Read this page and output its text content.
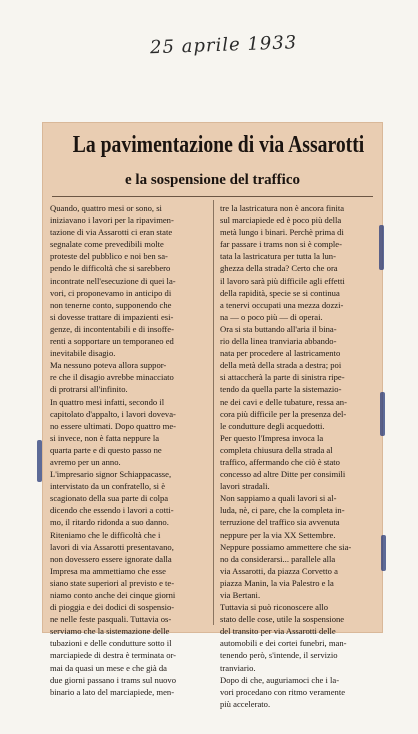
25 aprile 1933
La pavimentazione di via Assarotti
e la sospensione del traffico
Quando, quattro mesi or sono, si
iniziavano i lavori per la ripavimen-
tazione di via Assarotti ci eran state
segnalate come prevedibili molte
proteste del pubblico e noi ben sa-
pendo le difficoltà che si sarebbero
incontrate nell'esecuzione di quei la-
vori, ci proponevamo in anticipo di
non tenerne conto, supponendo che
si dovesse trattare di impazienti esi-
genze, di incontentabili e di insoffe-
renti a sopportare un temporaneo ed
inevitabile disagio.
Ma nessuno poteva allora suppor-
re che il disagio avrebbe minacciato
di protrarsi all'infinito.
In quattro mesi infatti, secondo il
capitolato d'appalto, i lavori doveva-
no essere ultimati. Dopo quattro me-
si invece, non è fatta neppure la
quarta parte e di questo passo ne
avremo per un anno.
L'impresario signor Schiappacasse,
intervistato da un confratello, si è
scagionato della sua parte di colpa
dicendo che essendo i lavori a cotti-
mo, il ritardo ridonda a suo danno.
Riteniamo che le difficoltà che i
lavori di via Assarotti presentavano,
non dovessero essere ignorate dalla
Impresa ma ammettiamo che esse
siano state superiori al previsto e te-
niamo conto anche dei cinque giorni
di pioggia e dei dodici di sospensio-
ne nelle feste pasquali. Tuttavia os-
serviamo che la sistemazione delle
tubazioni e delle condutture sotto il
marciapiede di destra è terminata or-
mai da quasi un mese e che già da
due giorni passano i trams sul nuovo
binario a lato del marciapiede, men-
tre la lastricatura non è ancora finita
sul marciapiede ed è poco più della
metà lungo i binari. Perchè prima di
far passare i trams non si è comple-
tata la lastricatura per tutta la lun-
ghezza della strada? Certo che ora
il lavoro sarà più difficile agli effetti
della rapidità, specie se si continua
a tenervi occupati una mezza dozzi-
na — o poco più — di operai.
Ora si sta buttando all'aria il bina-
rio della linea tranviaria abbando-
nata per procedere al lastricamento
della metà della strada a destra; poi
si attaccherà la parte di sinistra ripe-
tendo da quella parte la sistemazio-
ne dei cavi e delle tubature, ressa an-
cora più difficile per la presenza del-
le condutture degli acquedotti.
Per questo l'Impresa invoca la
completa chiusura della strada al
traffico, affermando che ciò è stato
concesso ad altre Ditte per consimili
lavori stradali.
Non sappiamo a quali lavori si al-
luda, nè, ci pare, che la completa in-
terruzione del traffico sia avvenuta
neppure per la via XX Settembre.
Neppure possiamo ammettere che sia-
no da considerarsi... parallele alla
via Assarotti, da piazza Corvetto a
piazza Manin, la via Palestro e la
via Bertani.
Tuttavia si può riconoscere allo
stato delle cose, utile la sospensione
del transito per via Assarotti delle
automobili e dei cortei funebri, man-
tenendo però, s'intende, il servizio
tranviario.
Dopo di che, auguriamoci che i la-
vori procedano con ritmo veramente
più accelerato.
